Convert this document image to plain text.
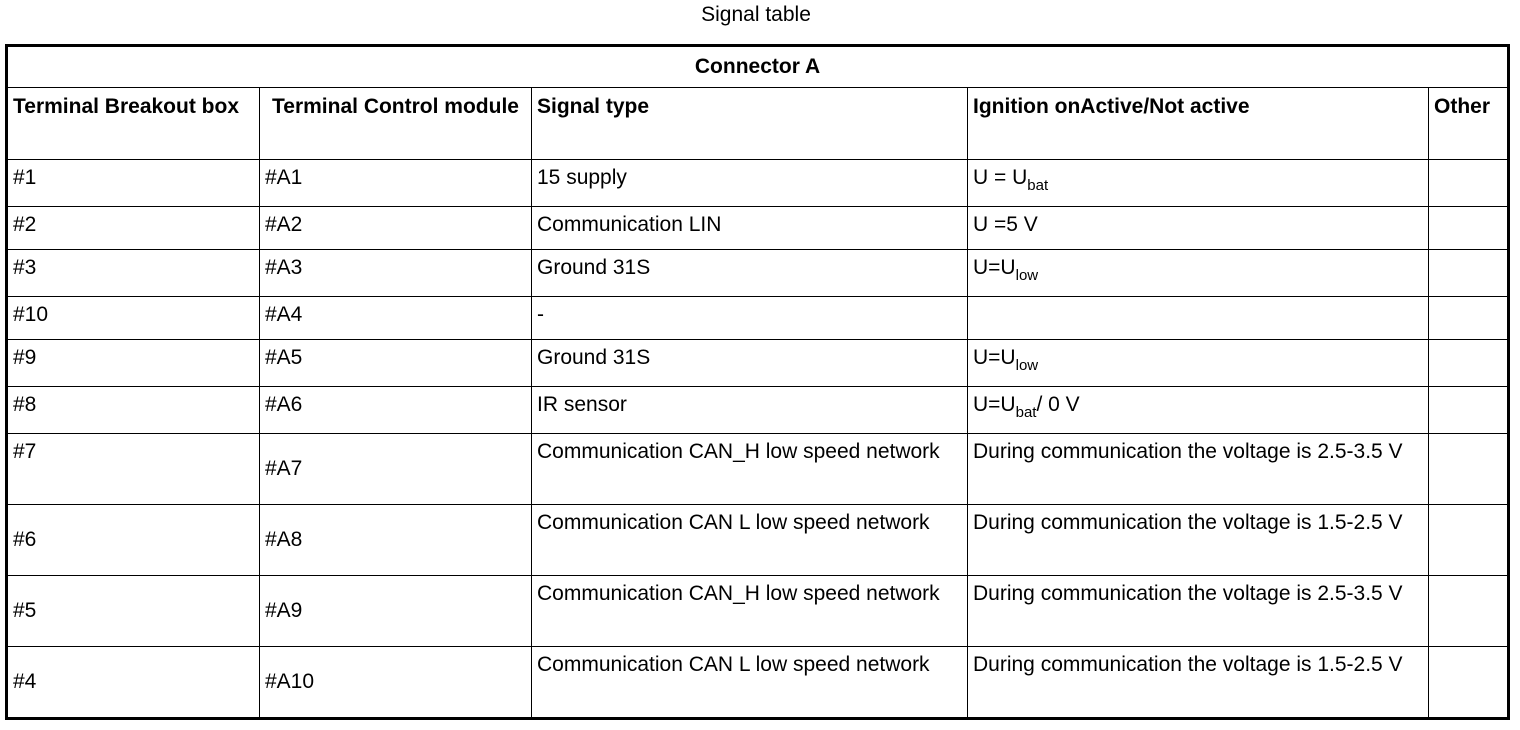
Signal table
Connector A				
Terminal Breakout box	Terminal Control module	Signal type	Ignition onActive/Not active	Other
#1	#A1	15 supply	$U = U_{bat}$	
#2	#A2	Communication LIN	U =5 V	
#3	#A3	Ground 31S	$U=U_{low}$	
#10	#A4	-		
#9	#A5	Ground 31S	$U=U_{low}$	
#8	#A6	IR sensor	$U=U_{bat}/$ 0 V	
#7	#A7	Communication CAN_H low speed network	During communication the voltage is 2.5-3.5 V	
#6	#A8	Communication CAN L low speed network	During communication the voltage is 1.5-2.5 V	
#5	#A9	Communication CAN_H low speed network	During communication the voltage is 2.5-3.5 V	
#4	#A10	Communication CAN L low speed network	During communication the voltage is 1.5-2.5 V	
